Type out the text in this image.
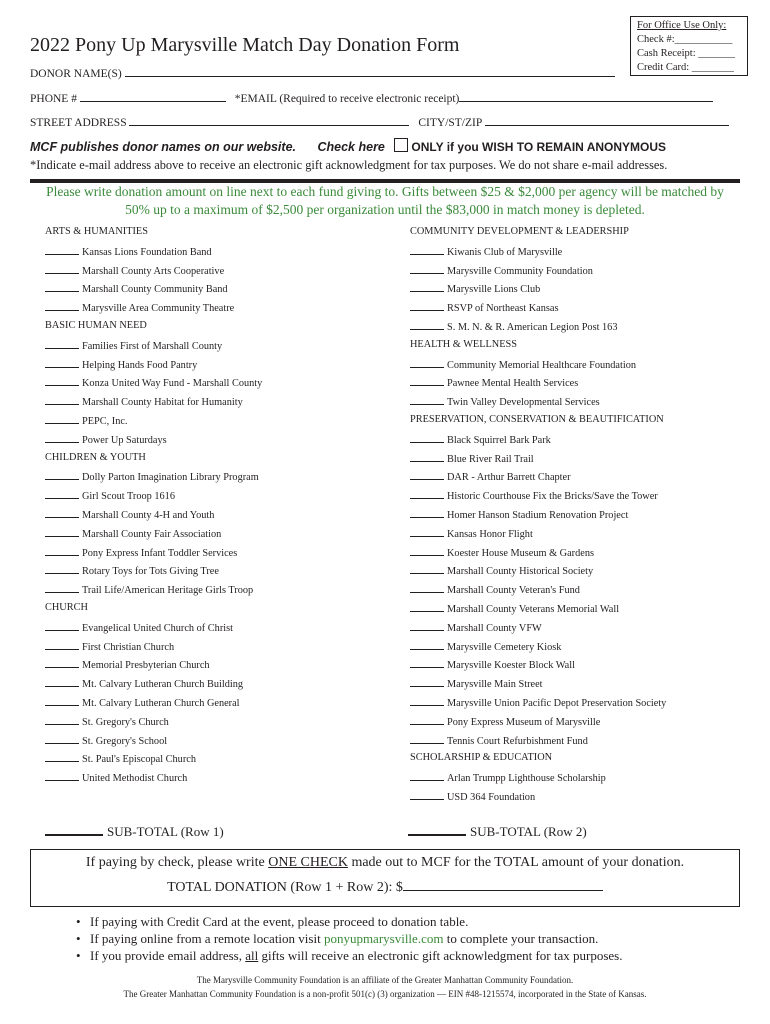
2022 Pony Up Marysville Match Day Donation Form
For Office Use Only:
Check #:___________
Cash Receipt: _______
Credit Card: ________
DONOR NAME(S)
PHONE #	*EMAIL (Required to receive electronic receipt)
STREET ADDRESS	CITY/ST/ZIP
MCF publishes donor names on our website. Check here ONLY if you WISH TO REMAIN ANONYMOUS
*Indicate e-mail address above to receive an electronic gift acknowledgment for tax purposes. We do not share e-mail addresses.
Please write donation amount on line next to each fund giving to. Gifts between $25 & $2,000 per agency will be matched by
50% up to a maximum of $2,500 per organization until the $83,000 in match money is depleted.
ARTS & HUMANITIES
Kansas Lions Foundation Band
Marshall County Arts Cooperative
Marshall County Community Band
Marysville Area Community Theatre
BASIC HUMAN NEED
Families First of Marshall County
Helping Hands Food Pantry
Konza United Way Fund - Marshall County
Marshall County Habitat for Humanity
PEPC, Inc.
Power Up Saturdays
CHILDREN & YOUTH
Dolly Parton Imagination Library Program
Girl Scout Troop 1616
Marshall County 4-H and Youth
Marshall County Fair Association
Pony Express Infant Toddler Services
Rotary Toys for Tots Giving Tree
Trail Life/American Heritage Girls Troop
CHURCH
Evangelical United Church of Christ
First Christian Church
Memorial Presbyterian Church
Mt. Calvary Lutheran Church Building
Mt. Calvary Lutheran Church General
St. Gregory's Church
St. Gregory's School
St. Paul's Episcopal Church
United Methodist Church
COMMUNITY DEVELOPMENT & LEADERSHIP
Kiwanis Club of Marysville
Marysville Community Foundation
Marysville Lions Club
RSVP of Northeast Kansas
S. M. N. & R. American Legion Post 163
HEALTH & WELLNESS
Community Memorial Healthcare Foundation
Pawnee Mental Health Services
Twin Valley Developmental Services
PRESERVATION, CONSERVATION & BEAUTIFICATION
Black Squirrel Bark Park
Blue River Rail Trail
DAR - Arthur Barrett Chapter
Historic Courthouse Fix the Bricks/Save the Tower
Homer Hanson Stadium Renovation Project
Kansas Honor Flight
Koester House Museum & Gardens
Marshall County Historical Society
Marshall County Veteran's Fund
Marshall County Veterans Memorial Wall
Marshall County VFW
Marysville Cemetery Kiosk
Marysville Koester Block Wall
Marysville Main Street
Marysville Union Pacific Depot Preservation Society
Pony Express Museum of Marysville
Tennis Court Refurbishment Fund
SCHOLARSHIP & EDUCATION
Arlan Trumpp Lighthouse Scholarship
USD 364 Foundation
SUB-TOTAL (Row 1)	SUB-TOTAL (Row 2)
If paying by check, please write ONE CHECK made out to MCF for the TOTAL amount of your donation.
TOTAL DONATION (Row 1 + Row 2): $
• If paying with Credit Card at the event, please proceed to donation table.
• If paying online from a remote location visit ponyupmarysville.com to complete your transaction.
• If you provide email address, all gifts will receive an electronic gift acknowledgment for tax purposes.
The Marysville Community Foundation is an affiliate of the Greater Manhattan Community Foundation.
The Greater Manhattan Community Foundation is a non-profit 501(c) (3) organization — EIN #48-1215574, incorporated in the State of Kansas.
